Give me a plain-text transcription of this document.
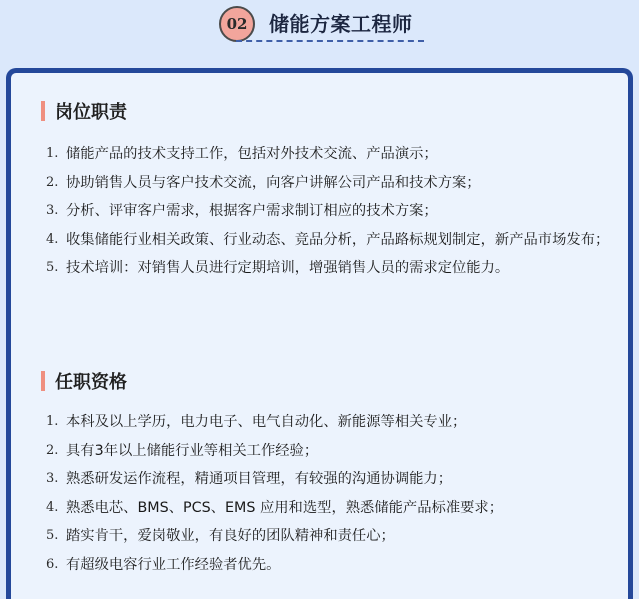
02	储能方案工程师
岗位职责
1. 储能产品的技术支持工作，包括对外技术交流、产品演示；
2. 协助销售人员与客户技术交流，向客户讲解公司产品和技术方案；
3. 分析、评审客户需求，根据客户需求制订相应的技术方案；
4. 收集储能行业相关政策、行业动态、竞品分析，产品路标规划制定，新产品市场发布；
5. 技术培训：对销售人员进行定期培训，增强销售人员的需求定位能力。
任职资格
1. 本科及以上学历，电力电子、电气自动化、新能源等相关专业；
2. 具有3年以上储能行业等相关工作经验；
3. 熟悉研发运作流程，精通项目管理，有较强的沟通协调能力；
4. 熟悉电芯、BMS、PCS、EMS 应用和选型，熟悉储能产品标准要求；
5. 踏实肯干，爱岗敬业，有良好的团队精神和责任心；
6. 有超级电容行业工作经验者优先。
